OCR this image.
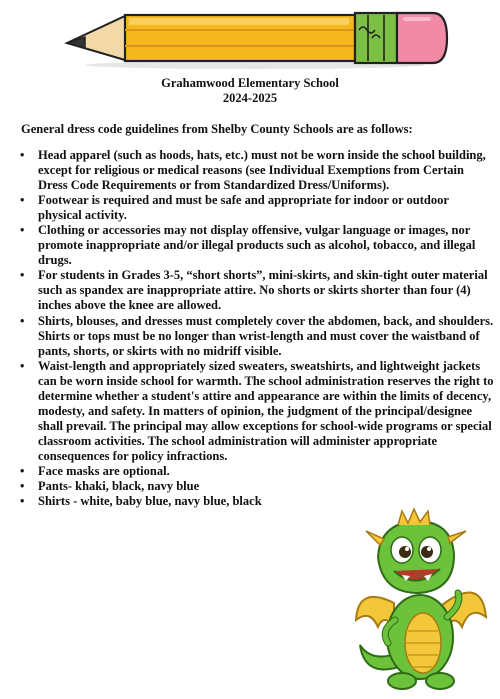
Grahamwood Elementary School
2024-2025
General dress code guidelines from Shelby County Schools are as follows:
• Head apparel (such as hoods, hats, etc.) must not be worn inside the school building, except for religious or medical reasons (see Individual Exemptions from Certain Dress Code Requirements or from Standardized Dress/Uniforms).
• Footwear is required and must be safe and appropriate for indoor or outdoor physical activity.
• Clothing or accessories may not display offensive, vulgar language or images, nor promote inappropriate and/or illegal products such as alcohol, tobacco, and illegal drugs.
• For students in Grades 3-5, “short shorts”, mini-skirts, and skin-tight outer material such as spandex are inappropriate attire. No shorts or skirts shorter than four (4) inches above the knee are allowed.
• Shirts, blouses, and dresses must completely cover the abdomen, back, and shoulders. Shirts or tops must be no longer than wrist-length and must cover the waistband of pants, shorts, or skirts with no midriff visible.
• Waist-length and appropriately sized sweaters, sweatshirts, and lightweight jackets can be worn inside school for warmth. The school administration reserves the right to determine whether a student's attire and appearance are within the limits of decency, modesty, and safety. In matters of opinion, the judgment of the principal/designee shall prevail. The principal may allow exceptions for school-wide programs or special classroom activities. The school administration will administer appropriate consequences for policy infractions.
• Face masks are optional.
• Pants- khaki, black, navy blue
• Shirts - white, baby blue, navy blue, black
